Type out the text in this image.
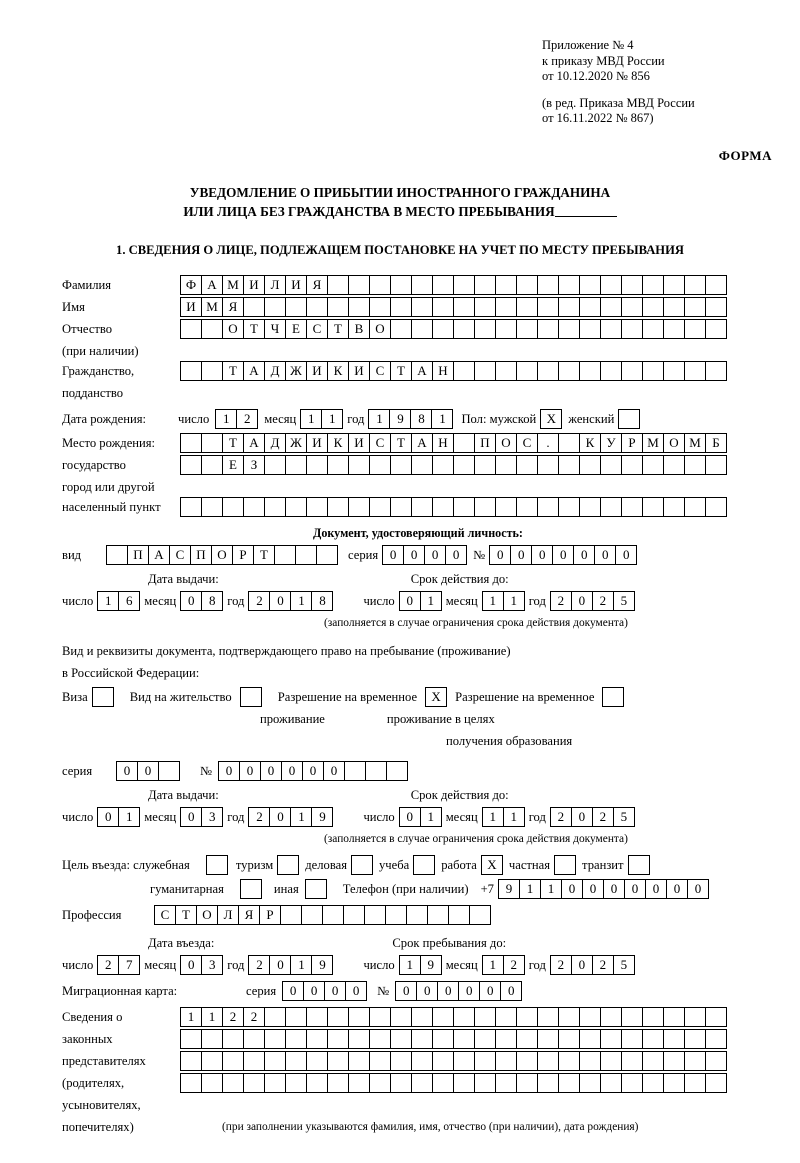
Приложение № 4
к приказу МВД России
от 10.12.2020 № 856
(в ред. Приказа МВД России
от 16.11.2022 № 867)
ФОРМА
УВЕДОМЛЕНИЕ О ПРИБЫТИИ ИНОСТРАННОГО ГРАЖДАНИНА
ИЛИ ЛИЦА БЕЗ ГРАЖДАНСТВА В МЕСТО ПРЕБЫВАНИЯ
1. СВЕДЕНИЯ О ЛИЦЕ, ПОДЛЕЖАЩЕМ ПОСТАНОВКЕ НА УЧЕТ ПО МЕСТУ ПРЕБЫВАНИЯ
Фамилия	Ф А М И Л И Я
Имя	И М Я
Отчество	О Т Ч Е С Т В О
(при наличии)
Гражданство,	Т А Д Ж И К И С Т А Н
подданство
Дата рождения:	число	1	2	месяц 1	1 год 1	9	8	1	Пол: мужской Х женский
Место рождения:	Т А Д Ж И К И С Т А Н	П О С	.	К У Р М О М Б
государство	Е	З
город или другой
населенный пункт
Документ, удостоверяющий личность:
вид	П А С П О Р	Т	серия 0	0	0	0	№ 0	0	0	0	0	0	0
Дата выдачи:	Срок действия до:
число 1	6 месяц 0	8 год 2	0	1	8	число 0	1 месяц 1	1 год 2	0	2	5
(заполняется в случае ограничения срока действия документа)
Вид и реквизиты документа, подтверждающего право на пребывание (проживание)
в Российской Федерации:
Виза	Вид на жительство	Разрешение на временное	Х	Разрешение на временное
проживание	проживание в целях
получения образования
серия	0	0	№	0	0	0	0	0	0
Дата выдачи:	Срок действия до:
число 0	1 месяц 0	3 год 2	0	1	9	число 0	1 месяц 1	1 год 2	0	2	5
(заполняется в случае ограничения срока действия документа)
Цель въезда: служебная	туризм	деловая	учеба	работа Х частная	транзит
гуманитарная	иная	Телефон (при наличии) +7 9	1	1	0	0	0	0	0	0	0
Профессия	С Т О Л Я	Р
Дата въезда:	Срок пребывания до:
число 2	7 месяц 0	3 год 2	0	1	9	число 1	9 месяц 1	2 год 2	0	2	5
Миграционная карта:	серия	0	0	0	0	№	0	0	0	0	0	0
Сведения о	1	1	2	2
законных
представителях
(родителях,
усыновителях,
попечителях)	(при заполнении указываются фамилия, имя, отчество (при наличии), дата рождения)
